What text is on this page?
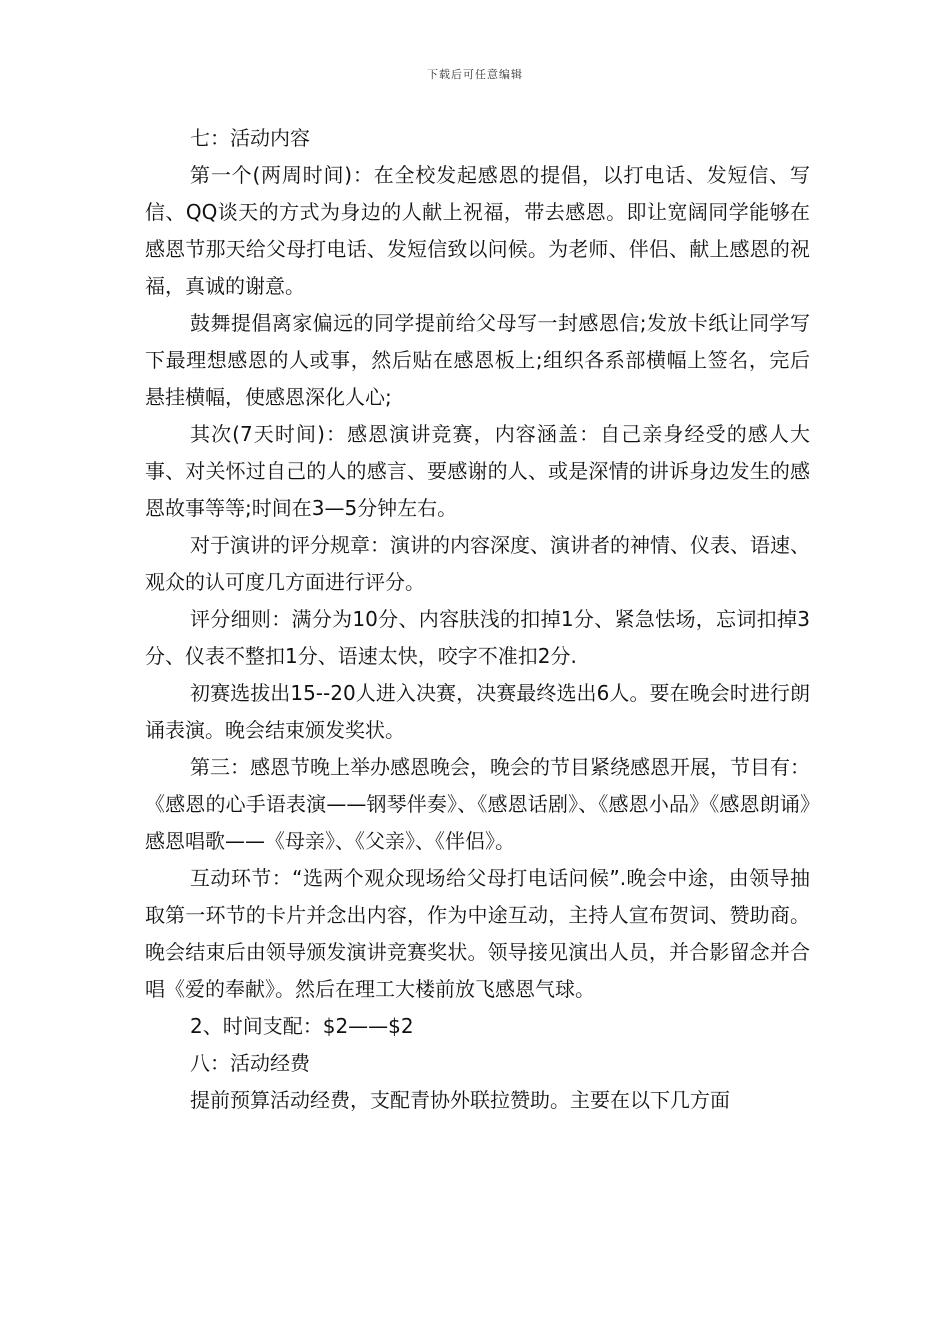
下载后可任意编辑

七：活动内容

第一个(两周时间)：在全校发起感恩的提倡，以打电话、发短信、写信、QQ谈天的方式为身边的人献上祝福，带去感恩。即让宽阔同学能够在感恩节那天给父母打电话、发短信致以问候。为老师、伴侣、献上感恩的祝福，真诚的谢意。

鼓舞提倡离家偏远的同学提前给父母写一封感恩信;发放卡纸让同学写下最理想感恩的人或事，然后贴在感恩板上;组织各系部横幅上签名，完后悬挂横幅，使感恩深化人心;

其次(7天时间)：感恩演讲竞赛，内容涵盖：自己亲身经受的感人大事、对关怀过自己的人的感言、要感谢的人、或是深情的讲诉身边发生的感恩故事等等;时间在3—5分钟左右。

对于演讲的评分规章：演讲的内容深度、演讲者的神情、仪表、语速、观众的认可度几方面进行评分。

评分细则：满分为10分、内容肤浅的扣掉1分、紧急怯场，忘词扣掉3分、仪表不整扣1分、语速太快，咬字不准扣2分.

初赛选拔出15--20人进入决赛，决赛最终选出6人。要在晚会时进行朗诵表演。晚会结束颁发奖状。

第三：感恩节晚上举办感恩晚会，晚会的节目紧绕感恩开展，节目有：《感恩的心手语表演——钢琴伴奏》、《感恩话剧》、《感恩小品》《感恩朗诵》感恩唱歌——《母亲》、《父亲》、《伴侣》。

互动环节：“选两个观众现场给父母打电话问候”.晚会中途，由领导抽取第一环节的卡片并念出内容，作为中途互动，主持人宣布贺词、赞助商。晚会结束后由领导颁发演讲竞赛奖状。领导接见演出人员，并合影留念并合唱《爱的奉献》。然后在理工大楼前放飞感恩气球。

2、时间支配：$2——$2

八：活动经费

提前预算活动经费，支配青协外联拉赞助。主要在以下几方面
